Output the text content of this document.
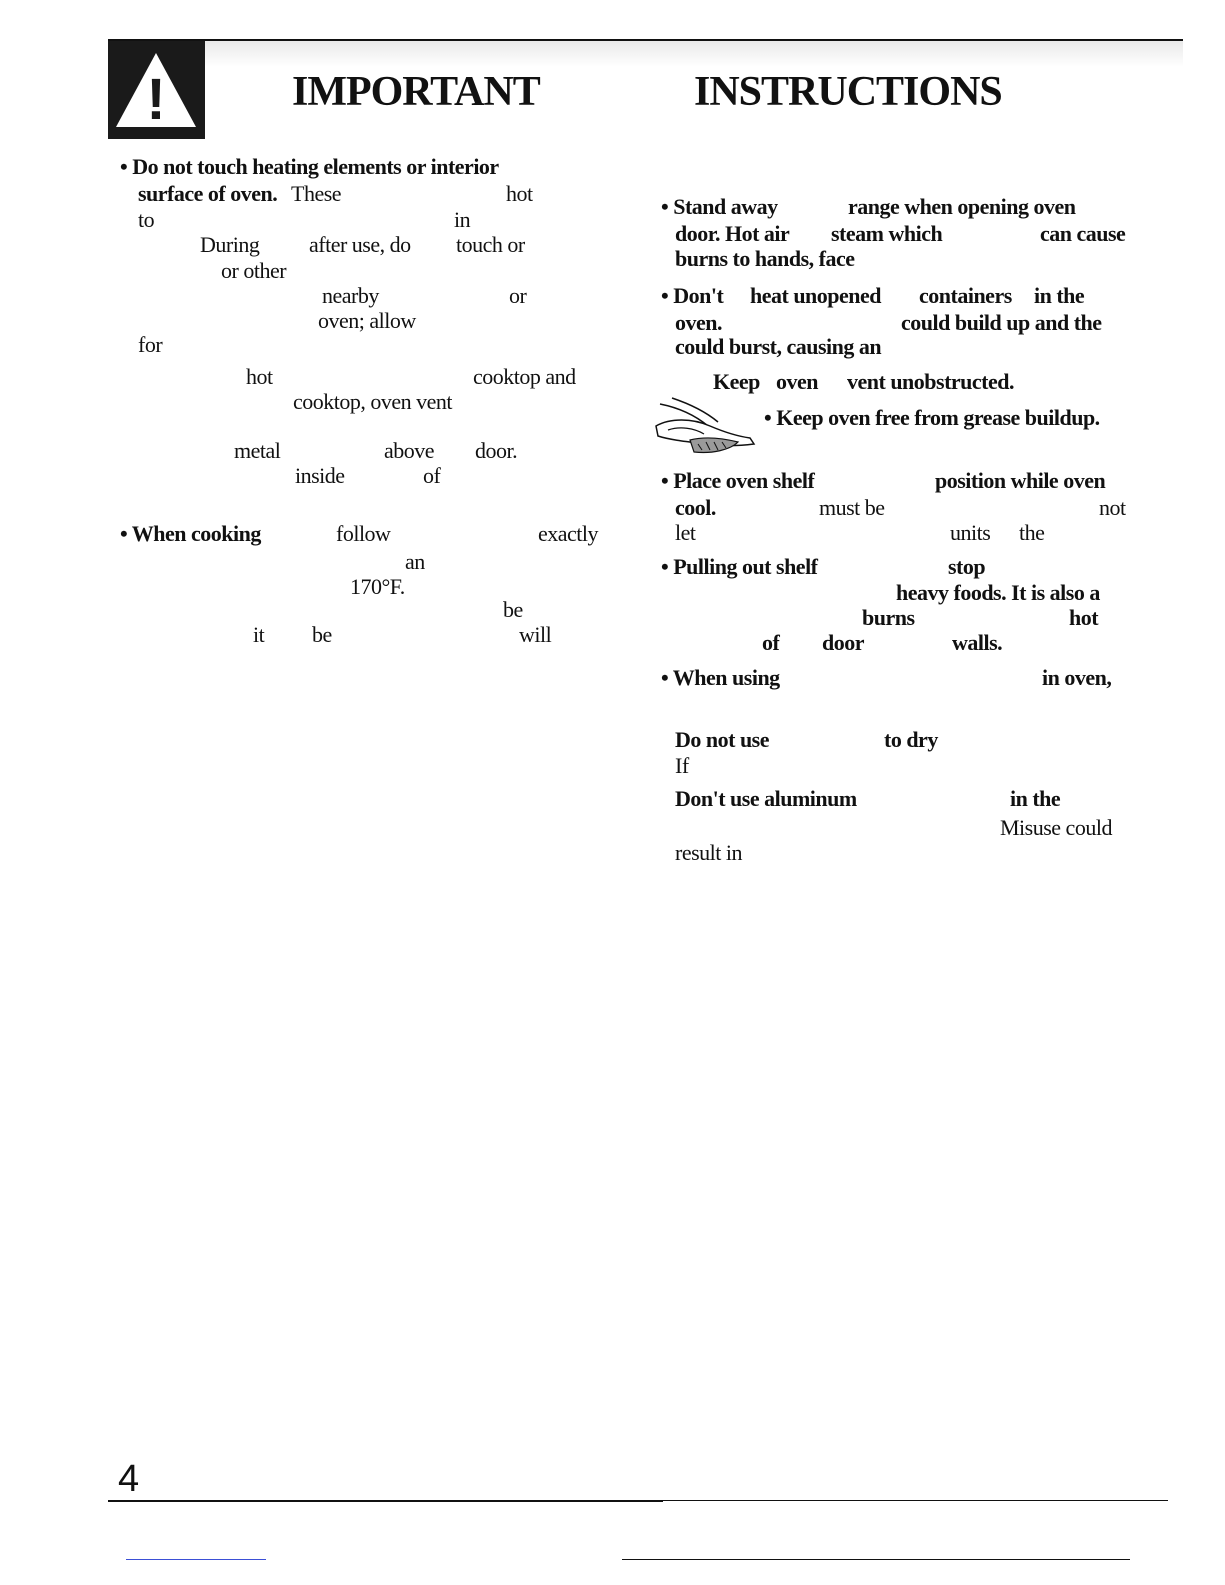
!	IMPORTANT	INSTRUCTIONS
• Do not touch heating elements or interior
surface of oven. These	hot
to	in
During after use, do touch or
or other
nearby	or
oven; allow
for
hot	cooktop and
cooktop, oven vent
metal	above door.
inside	of
• When cooking	follow	exactly
an
170°F.
be
it be	will
• Stand away	range when opening oven
door. Hot air steam which	can cause
burns to hands, face
• Don't heat unopened containers in the
oven.	could build up and the
could burst, causing an
Keep oven vent unobstructed.
• Keep oven free from grease buildup.
• Place oven shelf	position while oven
cool.	must be	not
let	units the
• Pulling out shelf	stop
heavy foods. It is also a
burns	hot
of door	walls.
• When using	in oven,
Do not use	to dry
If
Don't use aluminum	in the
Misuse could
result in
4
